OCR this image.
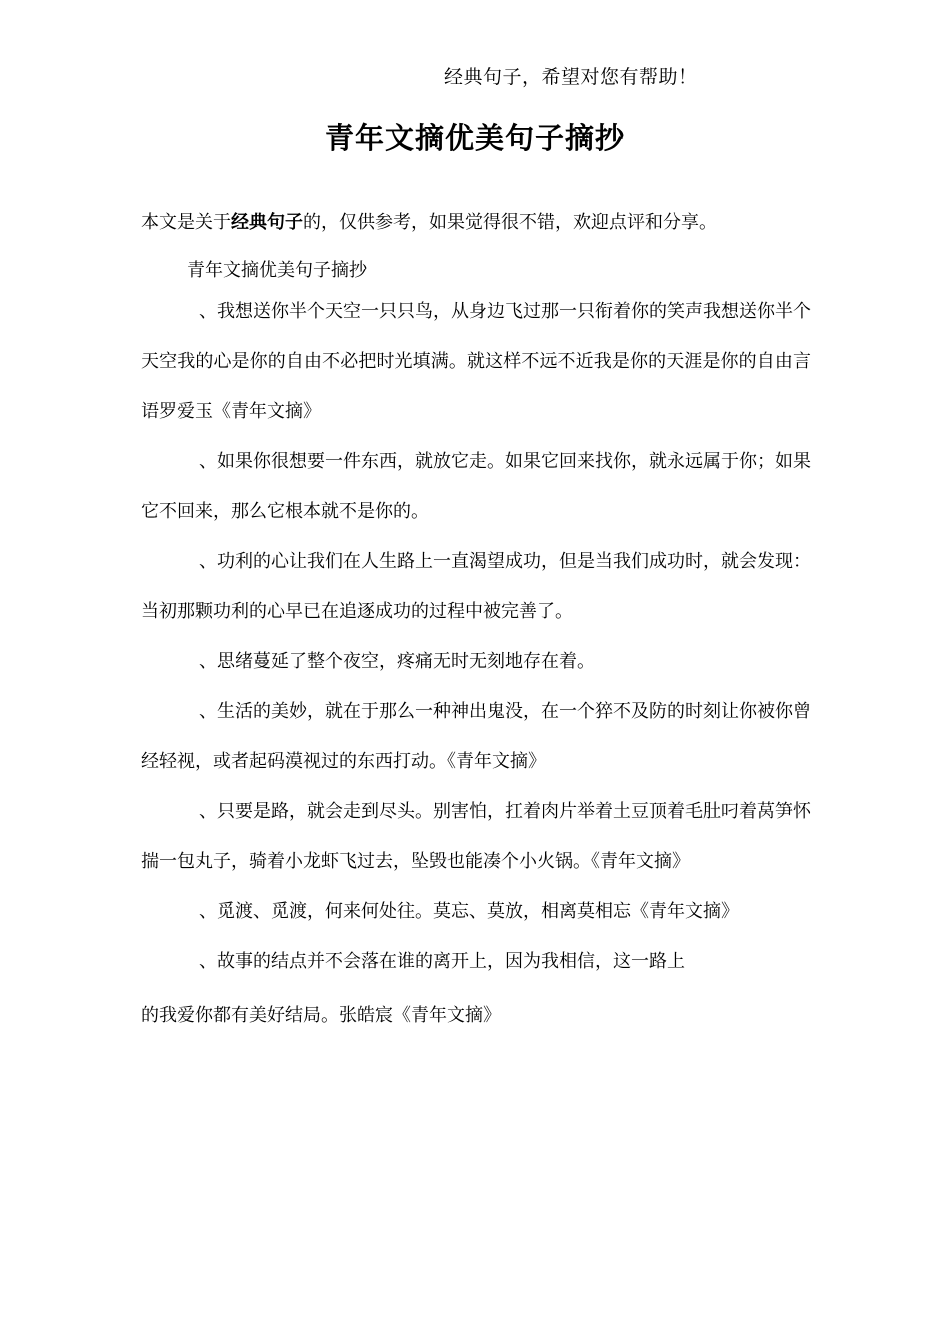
经典句子，希望对您有帮助！
青年文摘优美句子摘抄

本文是关于经典句子的，仅供参考，如果觉得很不错，欢迎点评和分享。

青年文摘优美句子摘抄

、我想送你半个天空一只只鸟，从身边飞过那一只衔着你的笑声我想送你半个天空我的心是你的自由不必把时光填满。就这样不远不近我是你的天涯是你的自由言语罗爱玉《青年文摘》

、如果你很想要一件东西，就放它走。如果它回来找你，就永远属于你；如果它不回来，那么它根本就不是你的。

、功利的心让我们在人生路上一直渴望成功，但是当我们成功时，就会发现：当初那颗功利的心早已在追逐成功的过程中被完善了。

、思绪蔓延了整个夜空，疼痛无时无刻地存在着。

、生活的美妙，就在于那么一种神出鬼没，在一个猝不及防的时刻让你被你曾经轻视，或者起码漠视过的东西打动。《青年文摘》

、只要是路，就会走到尽头。别害怕，扛着肉片举着土豆顶着毛肚叼着莴笋怀揣一包丸子，骑着小龙虾飞过去，坠毁也能凑个小火锅。《青年文摘》

、觅渡、觅渡，何来何处往。莫忘、莫放，相离莫相忘《青年文摘》

、故事的结点并不会落在谁的离开上，因为我相信，这一路上

的我爱你都有美好结局。张皓宸《青年文摘》
